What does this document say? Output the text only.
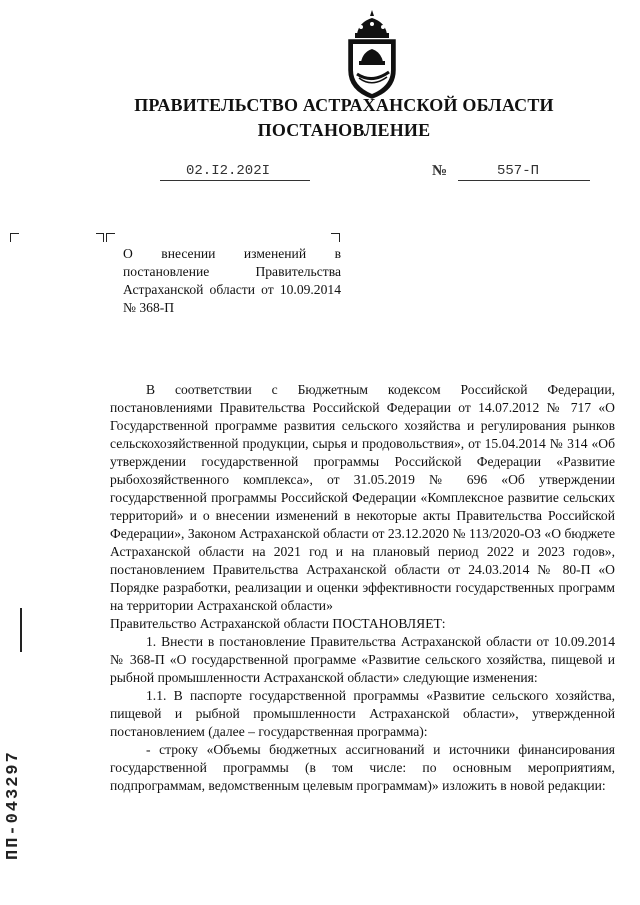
ПРАВИТЕЛЬСТВО АСТРАХАНСКОЙ ОБЛАСТИ
ПОСТАНОВЛЕНИЕ
02.I2.202I	№	557-П
О внесении изменений в постановление Правительства Астраханской области от 10.09.2014 № 368-П

В соответствии с Бюджетным кодексом Российской Федерации, постановлениями Правительства Российской Федерации от 14.07.2012 № 717 «О Государственной программе развития сельского хозяйства и регулирования рынков сельскохозяйственной продукции, сырья и продовольствия», от 15.04.2014 № 314 «Об утверждении государственной программы Российской Федерации «Развитие рыбохозяйственного комплекса», от 31.05.2019 № 696 «Об утверждении государственной программы Российской Федерации «Комплексное развитие сельских территорий» и о внесении изменений в некоторые акты Правительства Российской Федерации», Законом Астраханской области от 23.12.2020 № 113/2020-ОЗ «О бюджете Астраханской области на 2021 год и на плановый период 2022 и 2023 годов», постановлением Правительства Астраханской области от 24.03.2014 № 80-П «О Порядке разработки, реализации и оценки эффективности государственных программ на территории Астраханской области»

Правительство Астраханской области ПОСТАНОВЛЯЕТ:

1. Внести в постановление Правительства Астраханской области от 10.09.2014 № 368-П «О государственной программе «Развитие сельского хозяйства, пищевой и рыбной промышленности Астраханской области» следующие изменения:

1.1. В паспорте государственной программы «Развитие сельского хозяйства, пищевой и рыбной промышленности Астраханской области», утвержденной постановлением (далее – государственная программа):

- строку «Объемы бюджетных ассигнований и источники финансирования государственной программы (в том числе: по основным мероприятиям, подпрограммам, ведомственным целевым программам)» изложить в новой редакции:

ПП-043297
